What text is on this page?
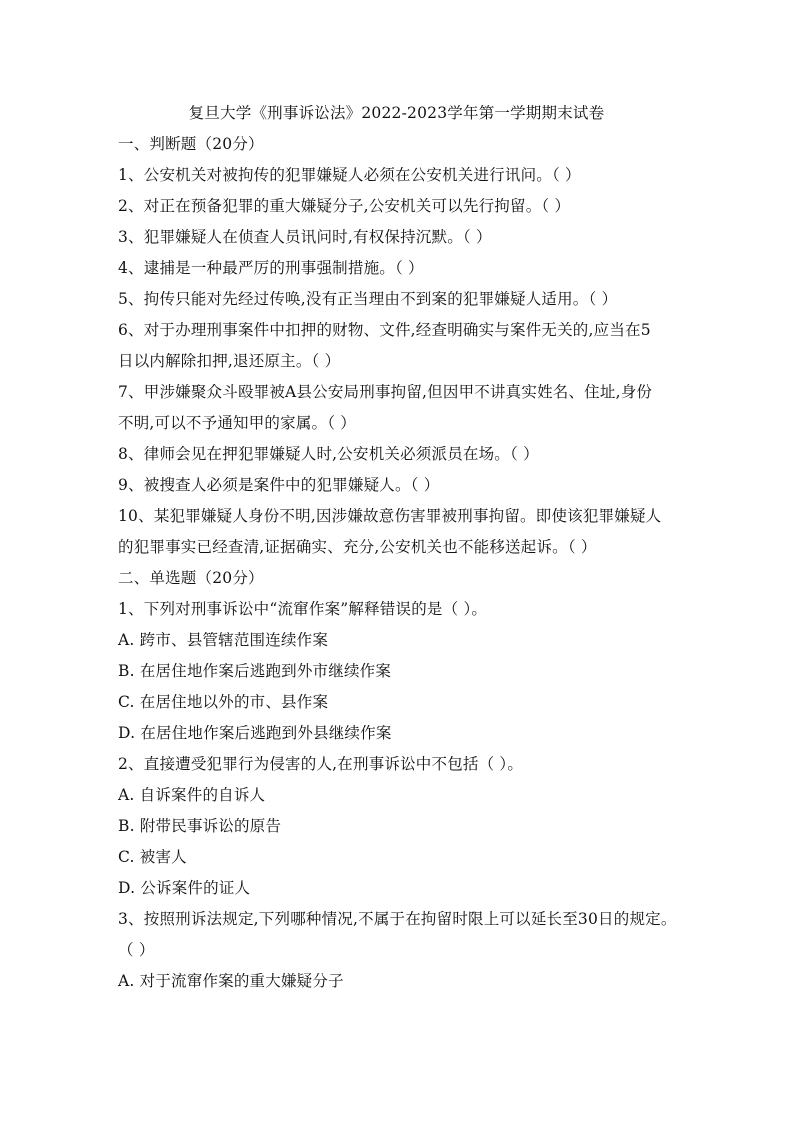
复旦大学《刑事诉讼法》2022-2023学年第一学期期末试卷
一、判断题（20分）
1、公安机关对被拘传的犯罪嫌疑人必须在公安机关进行讯问。（ ）
2、对正在预备犯罪的重大嫌疑分子,公安机关可以先行拘留。（ ）
3、犯罪嫌疑人在侦查人员讯问时,有权保持沉默。（ ）
4、逮捕是一种最严厉的刑事强制措施。（ ）
5、拘传只能对先经过传唤,没有正当理由不到案的犯罪嫌疑人适用。（ ）
6、对于办理刑事案件中扣押的财物、文件,经查明确实与案件无关的,应当在5
日以内解除扣押,退还原主。（ ）
7、甲涉嫌聚众斗殴罪被A县公安局刑事拘留,但因甲不讲真实姓名、住址,身份
不明,可以不予通知甲的家属。（ ）
8、律师会见在押犯罪嫌疑人时,公安机关必须派员在场。（ ）
9、被搜查人必须是案件中的犯罪嫌疑人。（ ）
10、某犯罪嫌疑人身份不明,因涉嫌故意伤害罪被刑事拘留。即使该犯罪嫌疑人
的犯罪事实已经查清,证据确实、充分,公安机关也不能移送起诉。（ ）
二、单选题（20分）
1、下列对刑事诉讼中“流窜作案”解释错误的是（ ）。
A. 跨市、县管辖范围连续作案
B. 在居住地作案后逃跑到外市继续作案
C. 在居住地以外的市、县作案
D. 在居住地作案后逃跑到外县继续作案
2、直接遭受犯罪行为侵害的人,在刑事诉讼中不包括（ ）。
A. 自诉案件的自诉人
B. 附带民事诉讼的原告
C. 被害人
D. 公诉案件的证人
3、按照刑诉法规定,下列哪种情况,不属于在拘留时限上可以延长至30日的规定。
（ ）
A. 对于流窜作案的重大嫌疑分子
